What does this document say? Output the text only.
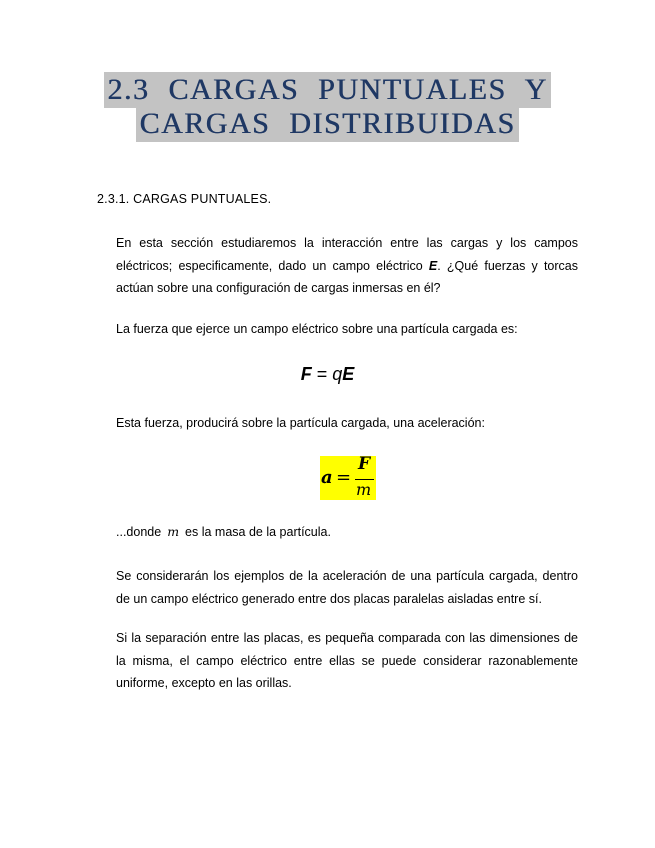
2.3 CARGAS PUNTUALES Y
CARGAS DISTRIBUIDAS
2.3.1. CARGAS PUNTUALES.
En esta sección estudiaremos la interacción entre las cargas y los campos eléctricos; especificamente, dado un campo eléctrico E. ¿Qué fuerzas y torcas actúan sobre una configuración de cargas inmersas en él?
La fuerza que ejerce un campo eléctrico sobre una partícula cargada es:
F = qE
Esta fuerza, producirá sobre la partícula cargada, una aceleración:
a =
F
m
...donde m es la masa de la partícula.
Se considerarán los ejemplos de la aceleración de una partícula cargada, dentro de un campo eléctrico generado entre dos placas paralelas aisladas entre sí.
Si la separación entre las placas, es pequeña comparada con las dimensiones de la misma, el campo eléctrico entre ellas se puede considerar razonablemente uniforme, excepto en las orillas.
